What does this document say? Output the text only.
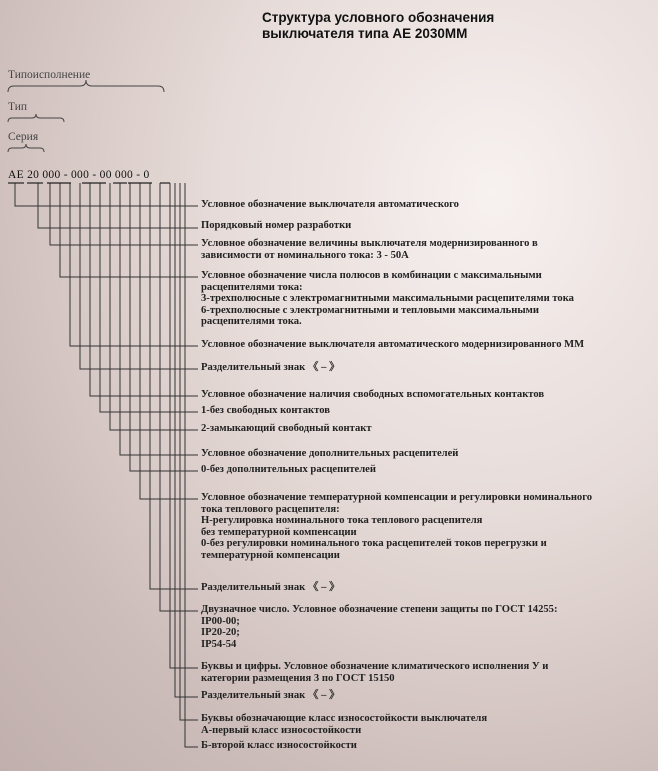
Структура условного обозначения
выключателя типа АЕ 2030ММ
Типоисполнение
Тип
Серия
АЕ 20 000 - 000 - 00 000 - 0
Условное обозначение выключателя автоматического
Порядковый номер разработки
Условное обозначение величины выключателя модернизированного в
зависимости от номинального тока: 3 - 50А
Условное обозначение числа полюсов в комбинации с максимальными
расцепителями тока:
3-трехполюсные с электромагнитными максимальными расцепителями тока
6-трехполюсные с электромагнитными и тепловыми максимальными
расцепителями тока.
Условное обозначение выключателя автоматического модернизированного ММ
Разделительный знак 《 – 》
Условное обозначение наличия свободных вспомогательных контактов
1-без свободных контактов
2-замыкающий свободный контакт
Условное обозначение дополнительных расцепителей
0-без дополнительных расцепителей
Условное обозначение температурной компенсации и регулировки номинального
тока теплового расцепителя:
Н-регулировка номинального тока теплового расцепителя
без температурной компенсации
0-без регулировки номинального тока расцепителей токов перегрузки и
температурной компенсации
Разделительный знак 《 – 》
Двузначное число. Условное обозначение степени защиты по ГОСТ 14255:
IP00-00;
IP20-20;
IP54-54
Буквы и цифры. Условное обозначение климатического исполнения У и
категории размещения 3 по ГОСТ 15150
Разделительный знак 《 – 》
Буквы обозначающие класс износостойкости выключателя
А-первый класс износостойкости
Б-второй класс износостойкости
